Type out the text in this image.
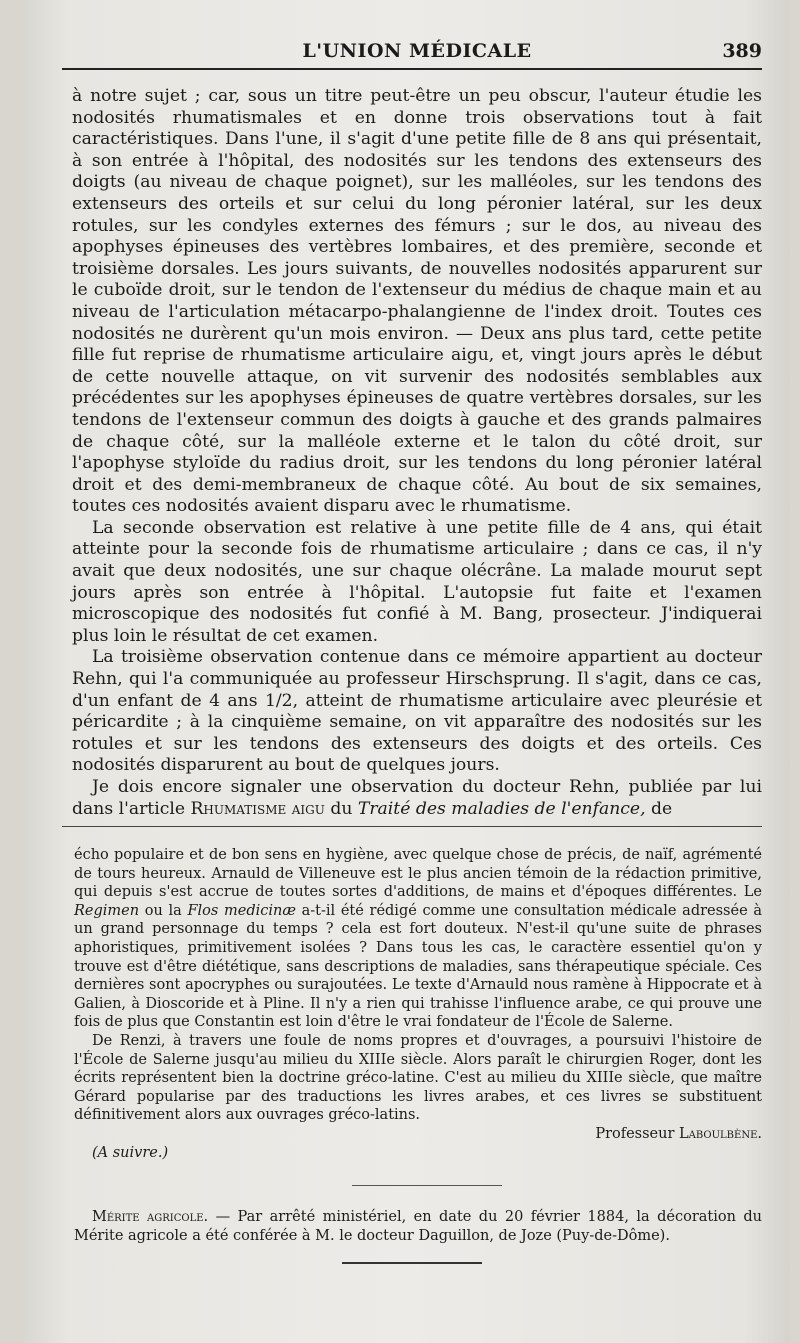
L'UNION MÉDICALE	389

à notre sujet ; car, sous un titre peut-être un peu obscur, l'auteur étudie les nodosités rhumatismales et en donne trois observations tout à fait caractéristiques. Dans l'une, il s'agit d'une petite fille de 8 ans qui présentait, à son entrée à l'hôpital, des nodosités sur les tendons des extenseurs des doigts (au niveau de chaque poignet), sur les malléoles, sur les tendons des extenseurs des orteils et sur celui du long péronier latéral, sur les deux rotules, sur les condyles externes des fémurs ; sur le dos, au niveau des apophyses épineuses des vertèbres lombaires, et des première, seconde et troisième dorsales. Les jours suivants, de nouvelles nodosités apparurent sur le cuboïde droit, sur le tendon de l'extenseur du médius de chaque main et au niveau de l'articulation métacarpo-phalangienne de l'index droit. Toutes ces nodosités ne durèrent qu'un mois environ. — Deux ans plus tard, cette petite fille fut reprise de rhumatisme articulaire aigu, et, vingt jours après le début de cette nouvelle attaque, on vit survenir des nodosités semblables aux précédentes sur les apophyses épineuses de quatre vertèbres dorsales, sur les tendons de l'extenseur commun des doigts à gauche et des grands palmaires de chaque côté, sur la malléole externe et le talon du côté droit, sur l'apophyse styloïde du radius droit, sur les tendons du long péronier latéral droit et des demi-membraneux de chaque côté. Au bout de six semaines, toutes ces nodosités avaient disparu avec le rhumatisme.

La seconde observation est relative à une petite fille de 4 ans, qui était atteinte pour la seconde fois de rhumatisme articulaire ; dans ce cas, il n'y avait que deux nodosités, une sur chaque olécrâne. La malade mourut sept jours après son entrée à l'hôpital. L'autopsie fut faite et l'examen microscopique des nodosités fut confié à M. Bang, prosecteur. J'indiquerai plus loin le résultat de cet examen.

La troisième observation contenue dans ce mémoire appartient au docteur Rehn, qui l'a communiquée au professeur Hirschsprung. Il s'agit, dans ce cas, d'un enfant de 4 ans 1/2, atteint de rhumatisme articulaire avec pleurésie et péricardite ; à la cinquième semaine, on vit apparaître des nodosités sur les rotules et sur les tendons des extenseurs des doigts et des orteils. Ces nodosités disparurent au bout de quelques jours.

Je dois encore signaler une observation du docteur Rehn, publiée par lui dans l'article Rhumatisme aigu du Traité des maladies de l'enfance, de

écho populaire et de bon sens en hygiène, avec quelque chose de précis, de naïf, agrémenté de tours heureux. Arnauld de Villeneuve est le plus ancien témoin de la rédaction primitive, qui depuis s'est accrue de toutes sortes d'additions, de mains et d'époques différentes. Le Regimen ou la Flos medicinæ a-t-il été rédigé comme une consultation médicale adressée à un grand personnage du temps ? cela est fort douteux. N'est-il qu'une suite de phrases aphoristiques, primitivement isolées ? Dans tous les cas, le caractère essentiel qu'on y trouve est d'être diététique, sans descriptions de maladies, sans thérapeutique spéciale. Ces dernières sont apocryphes ou surajoutées. Le texte d'Arnauld nous ramène à Hippocrate et à Galien, à Dioscoride et à Pline. Il n'y a rien qui trahisse l'influence arabe, ce qui prouve une fois de plus que Constantin est loin d'être le vrai fondateur de l'École de Salerne.

De Renzi, à travers une foule de noms propres et d'ouvrages, a poursuivi l'histoire de l'École de Salerne jusqu'au milieu du XIIIe siècle. Alors paraît le chirurgien Roger, dont les écrits représentent bien la doctrine gréco-latine. C'est au milieu du XIIIe siècle, que maître Gérard popularise par des traductions les livres arabes, et ces livres se substituent définitivement alors aux ouvrages gréco-latins.

Professeur Laboulbène.

(A suivre.)

Mérite agricole. — Par arrêté ministériel, en date du 20 février 1884, la décoration du Mérite agricole a été conférée à M. le docteur Daguillon, de Joze (Puy-de-Dôme).
